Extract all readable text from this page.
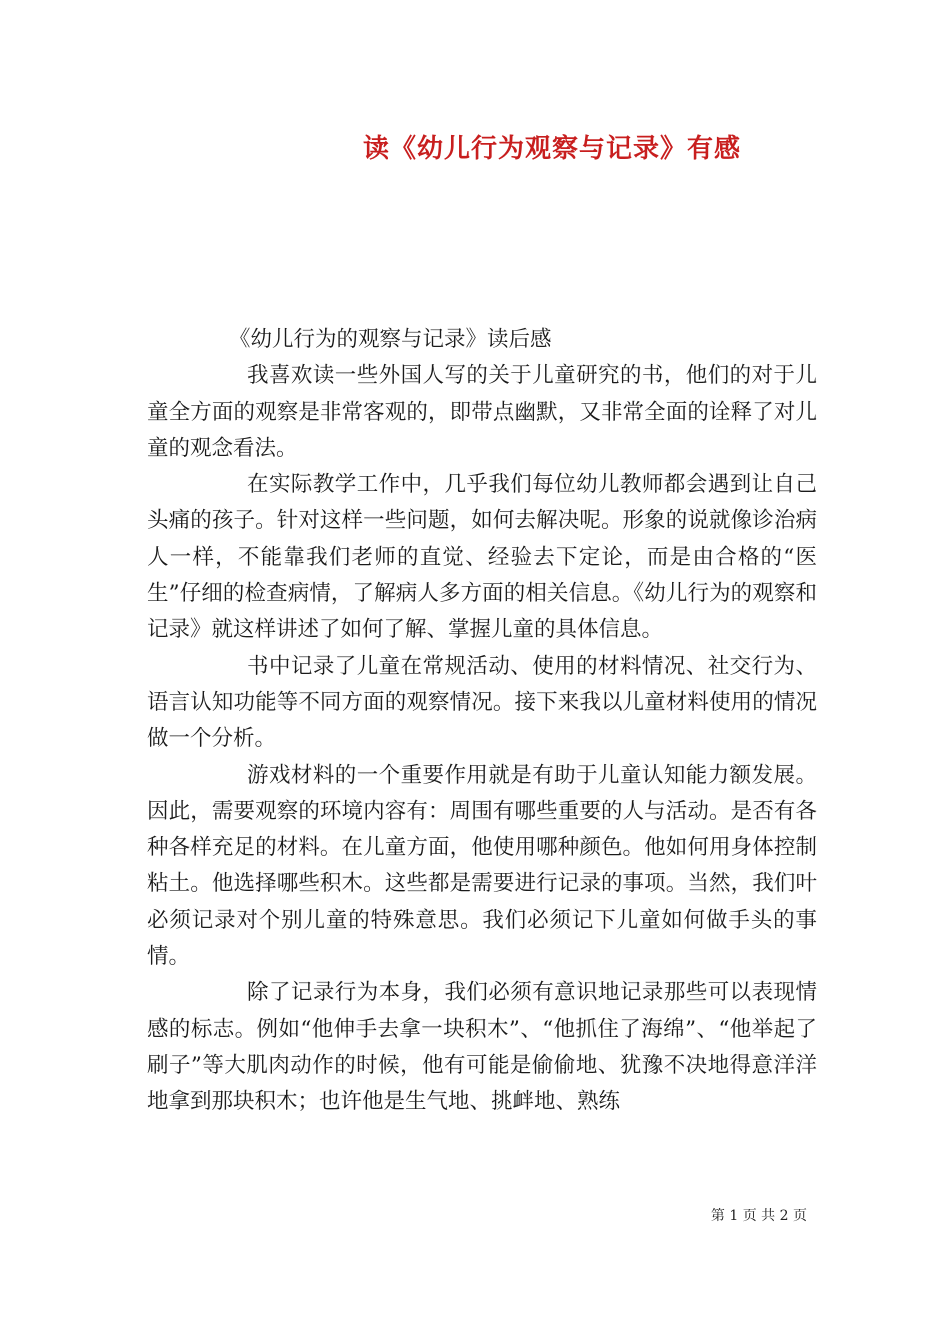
读《幼儿行为观察与记录》有感

《幼儿行为的观察与记录》读后感

我喜欢读一些外国人写的关于儿童研究的书，他们的对于儿童全方面的观察是非常客观的，即带点幽默，又非常全面的诠释了对儿童的观念看法。

在实际教学工作中，几乎我们每位幼儿教师都会遇到让自己头痛的孩子。针对这样一些问题，如何去解决呢。形象的说就像诊治病人一样，不能靠我们老师的直觉、经验去下定论，而是由合格的“医生”仔细的检查病情，了解病人多方面的相关信息。《幼儿行为的观察和记录》就这样讲述了如何了解、掌握儿童的具体信息。

书中记录了儿童在常规活动、使用的材料情况、社交行为、语言认知功能等不同方面的观察情况。接下来我以儿童材料使用的情况做一个分析。

游戏材料的一个重要作用就是有助于儿童认知能力额发展。因此，需要观察的环境内容有：周围有哪些重要的人与活动。是否有各种各样充足的材料。在儿童方面，他使用哪种颜色。他如何用身体控制粘土。他选择哪些积木。这些都是需要进行记录的事项。当然，我们叶必须记录对个别儿童的特殊意思。我们必须记下儿童如何做手头的事情。

除了记录行为本身，我们必须有意识地记录那些可以表现情感的标志。例如“他伸手去拿一块积木”、“他抓住了海绵”、“他举起了刷子”等大肌肉动作的时候，他有可能是偷偷地、犹豫不决地得意洋洋地拿到那块积木；也许他是生气地、挑衅地、熟练

第 1 页 共 2 页
